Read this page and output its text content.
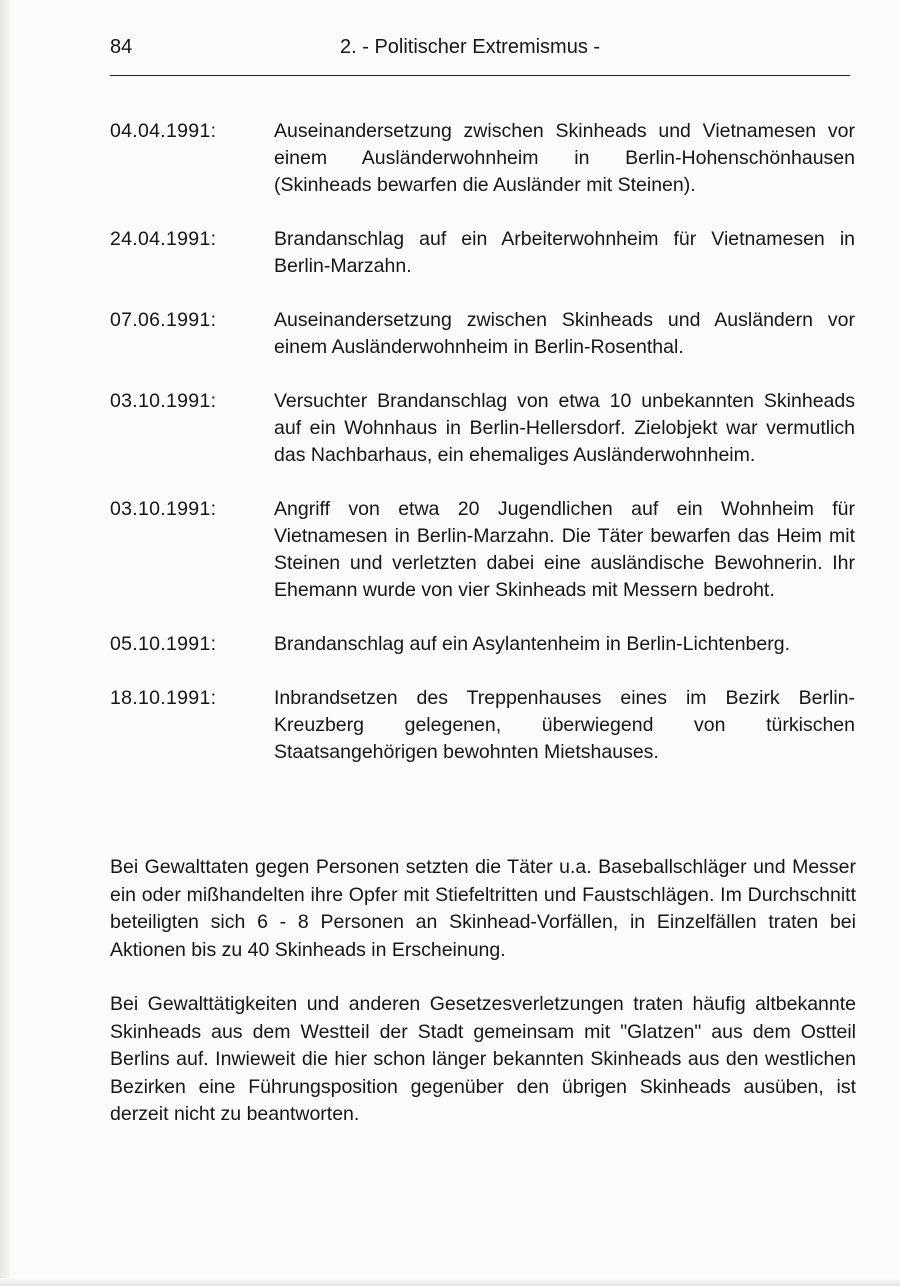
84	2. - Politischer Extremismus -
04.04.1991:	Auseinandersetzung zwischen Skinheads und Vietnamesen vor einem Ausländerwohnheim in Berlin-Hohenschönhausen (Skinheads bewarfen die Ausländer mit Steinen).
24.04.1991:	Brandanschlag auf ein Arbeiterwohnheim für Vietnamesen in Berlin-Marzahn.
07.06.1991:	Auseinandersetzung zwischen Skinheads und Ausländern vor einem Ausländerwohnheim in Berlin-Rosenthal.
03.10.1991:	Versuchter Brandanschlag von etwa 10 unbekannten Skinheads auf ein Wohnhaus in Berlin-Hellersdorf. Zielobjekt war vermutlich das Nachbarhaus, ein ehemaliges Ausländerwohnheim.
03.10.1991:	Angriff von etwa 20 Jugendlichen auf ein Wohnheim für Vietnamesen in Berlin-Marzahn. Die Täter bewarfen das Heim mit Steinen und verletzten dabei eine ausländische Bewohnerin. Ihr Ehemann wurde von vier Skinheads mit Messern bedroht.
05.10.1991:	Brandanschlag auf ein Asylantenheim in Berlin-Lichtenberg.
18.10.1991:	Inbrandsetzen des Treppenhauses eines im Bezirk Berlin-Kreuzberg gelegenen, überwiegend von türkischen Staatsangehörigen bewohnten Mietshauses.

Bei Gewalttaten gegen Personen setzten die Täter u.a. Baseballschläger und Messer ein oder mißhandelten ihre Opfer mit Stiefeltritten und Faustschlägen. Im Durchschnitt beteiligten sich 6 - 8 Personen an Skinhead-Vorfällen, in Einzelfällen traten bei Aktionen bis zu 40 Skinheads in Erscheinung.

Bei Gewalttätigkeiten und anderen Gesetzesverletzungen traten häufig altbekannte Skinheads aus dem Westteil der Stadt gemeinsam mit "Glatzen" aus dem Ostteil Berlins auf. Inwieweit die hier schon länger bekannten Skinheads aus den westlichen Bezirken eine Führungsposition gegenüber den übrigen Skinheads ausüben, ist derzeit nicht zu beantworten.
